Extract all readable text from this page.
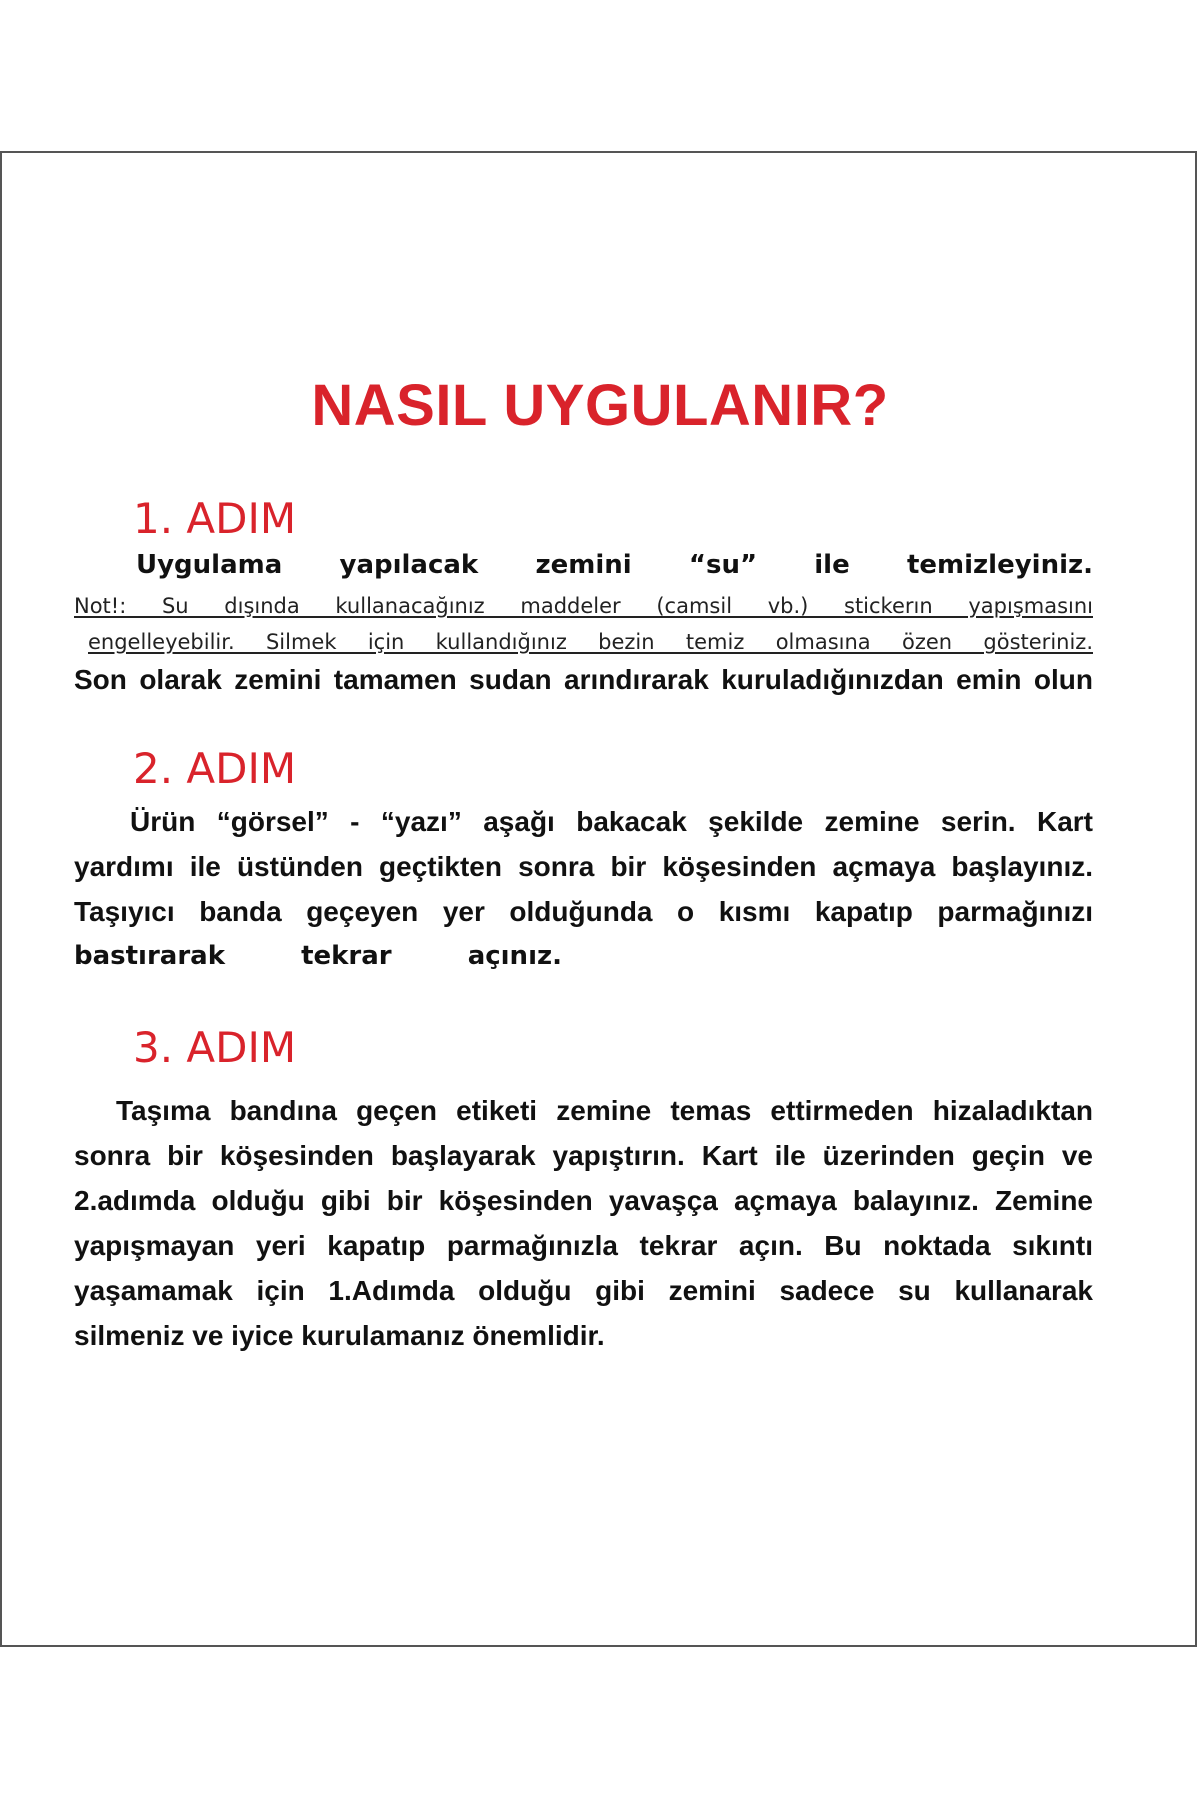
NASIL UYGULANIR?
1. ADIM
Uygulama yapılacak zemini “su” ile temizleyiniz.
Not!: Su dışında kullanacağınız maddeler (camsil vb.) stickerın yapışmasını
engelleyebilir. Silmek için kullandığınız bezin temiz olmasına özen gösteriniz.
Son olarak zemini tamamen sudan arındırarak kuruladığınızdan emin olun
2. ADIM
Ürün “görsel” - “yazı” aşağı bakacak şekilde zemine serin. Kart
yardımı ile üstünden geçtikten sonra bir köşesinden açmaya başlayınız.
Taşıyıcı banda geçeyen yer olduğunda o kısmı kapatıp parmağınızı
bastırarak tekrar açınız.
3. ADIM
Taşıma bandına geçen etiketi zemine temas ettirmeden hizaladıktan
sonra bir köşesinden başlayarak yapıştırın. Kart ile üzerinden geçin ve
2.adımda olduğu gibi bir köşesinden yavaşça açmaya balayınız. Zemine
yapışmayan yeri kapatıp parmağınızla tekrar açın. Bu noktada sıkıntı
yaşamamak için 1.Adımda olduğu gibi zemini sadece su kullanarak
silmeniz ve iyice kurulamanız önemlidir.
